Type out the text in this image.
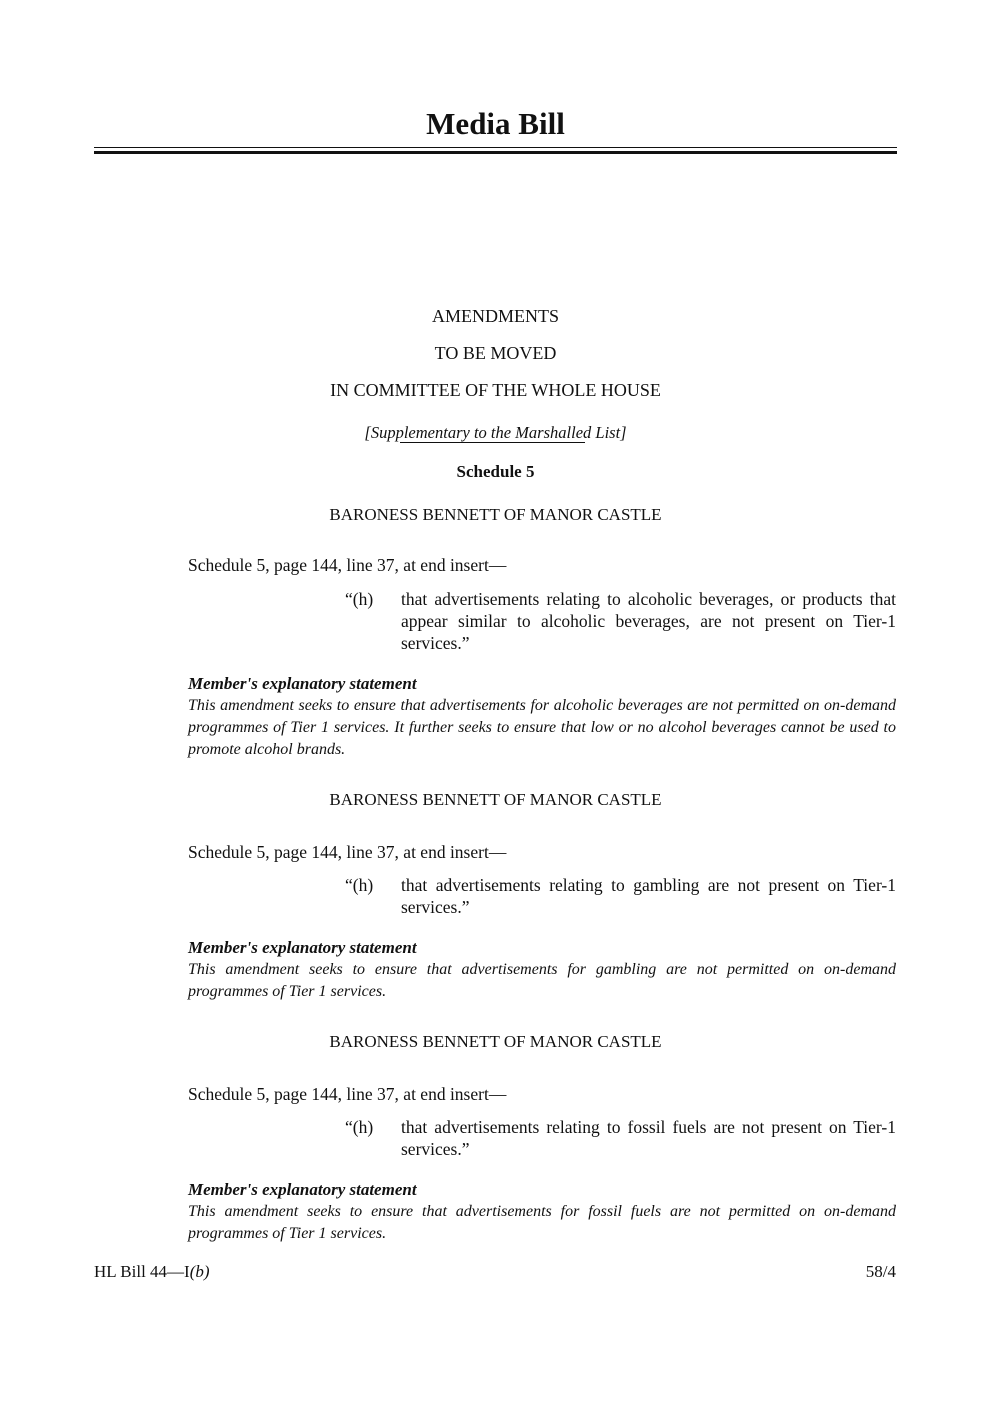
Media Bill
AMENDMENTS
TO BE MOVED
IN COMMITTEE OF THE WHOLE HOUSE
[Supplementary to the Marshalled List]
Schedule 5
BARONESS BENNETT OF MANOR CASTLE
Schedule 5, page 144, line 37, at end insert—
“(h)	that advertisements relating to alcoholic beverages, or products that appear similar to alcoholic beverages, are not present on Tier-1 services.”
Member's explanatory statement
This amendment seeks to ensure that advertisements for alcoholic beverages are not permitted on on-demand programmes of Tier 1 services. It further seeks to ensure that low or no alcohol beverages cannot be used to promote alcohol brands.
BARONESS BENNETT OF MANOR CASTLE
Schedule 5, page 144, line 37, at end insert—
“(h)	that advertisements relating to gambling are not present on Tier-1 services.”
Member's explanatory statement
This amendment seeks to ensure that advertisements for gambling are not permitted on on-demand programmes of Tier 1 services.
BARONESS BENNETT OF MANOR CASTLE
Schedule 5, page 144, line 37, at end insert—
“(h)	that advertisements relating to fossil fuels are not present on Tier-1 services.”
Member's explanatory statement
This amendment seeks to ensure that advertisements for fossil fuels are not permitted on on-demand programmes of Tier 1 services.
HL Bill 44—I(b)	58/4
